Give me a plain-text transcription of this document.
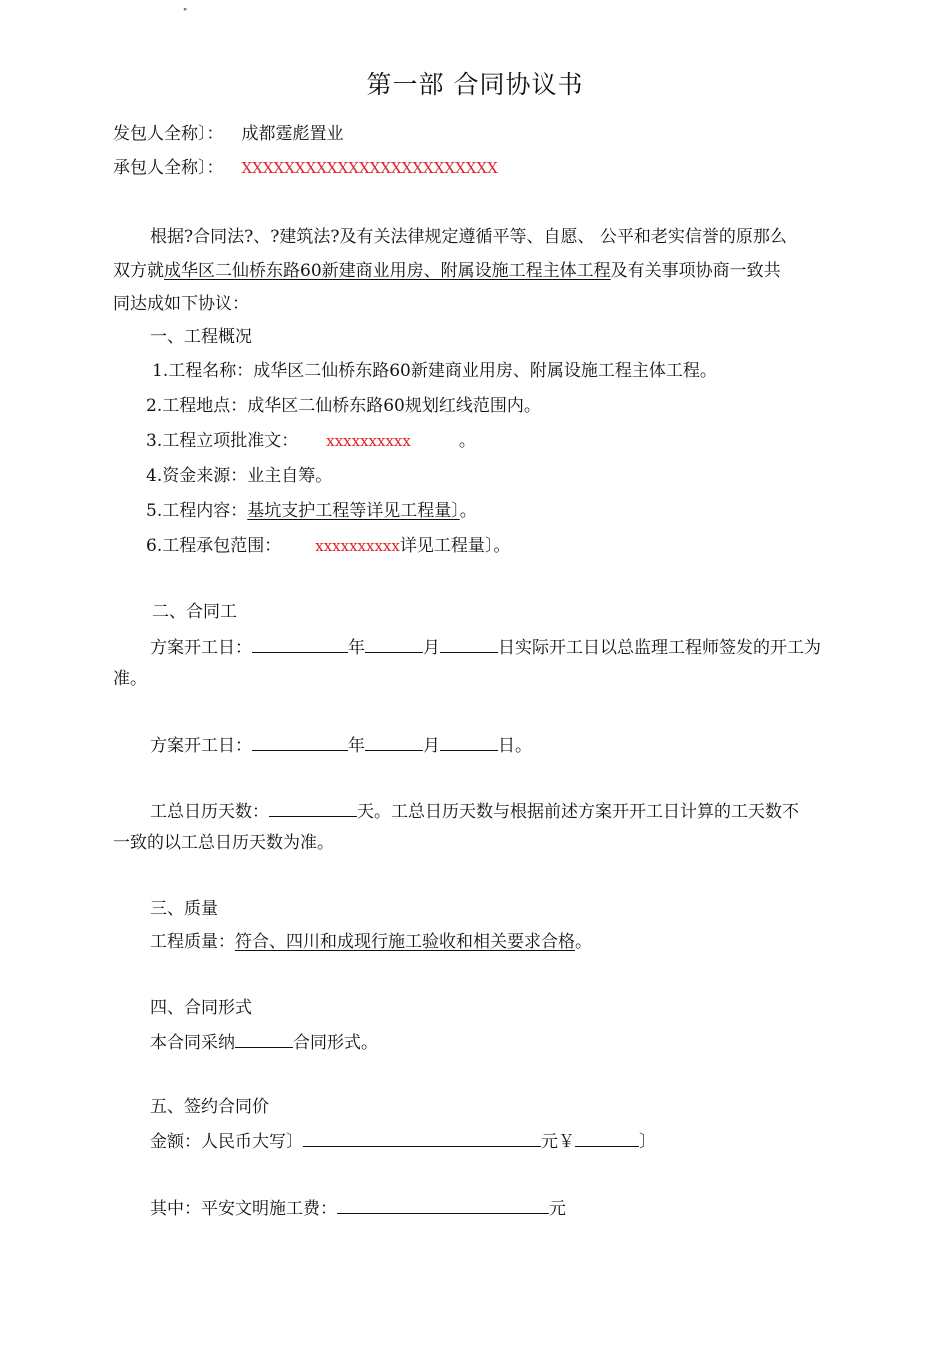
"
第一部 合同协议书
发包人全称〕： 成都霆彪置业
承包人全称〕： XXXXXXXXXXXXXXXXXXXXXXXX
根据?合同法?、?建筑法?及有关法律规定遵循平等、自愿、 公平和老实信誉的原那么
双方就成华区二仙桥东路60新建商业用房、附属设施工程主体工程及有关事项协商一致共
同达成如下协议：
一、工程概况
1.工程名称：成华区二仙桥东路60新建商业用房、附属设施工程主体工程。
2.工程地点：成华区二仙桥东路60规划红线范围内。
3.工程立项批准文： xxxxxxxxxx	。
4.资金来源：业主自筹。
5.工程内容：基坑支护工程等详见工程量〕。
6.工程承包范围： xxxxxxxxxx详见工程量〕。
二、合同工
方案开工日：	年	月	日实际开工日以总监理工程师签发的开工为
准。
方案开工日：	年	月	日。
工总日历天数：	天。工总日历天数与根据前述方案开开工日计算的工天数不
一致的以工总日历天数为准。
三、质量
工程质量：符合、四川和成现行施工验收和相关要求合格。
四、合同形式
本合同采纳	合同形式。
五、签约合同价
金额：人民币大写〕	元￥	〕
其中：平安文明施工费：	元
